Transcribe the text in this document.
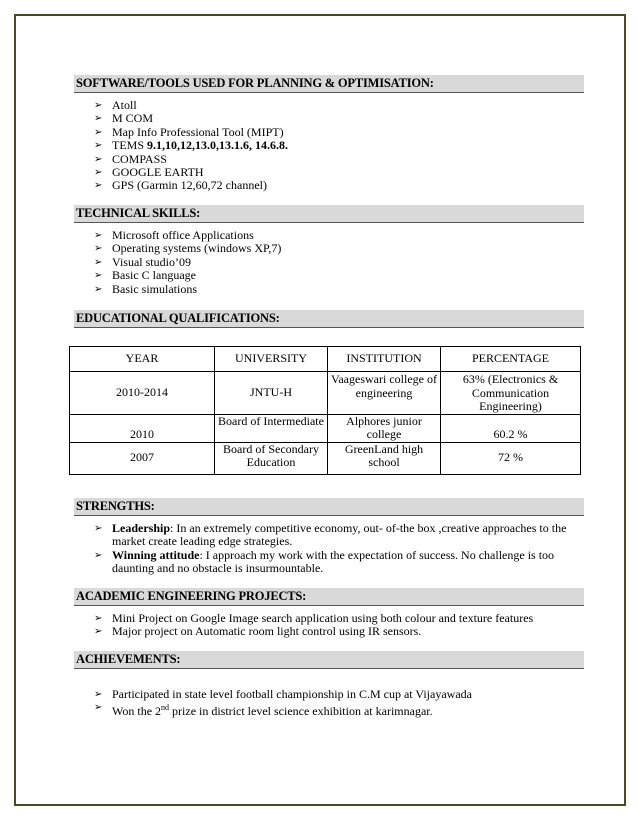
SOFTWARE/TOOLS USED FOR PLANNING & OPTIMISATION:
➢ Atoll
➢ M COM
➢ Map Info Professional Tool (MIPT)
➢ TEMS 9.1,10,12,13.0,13.1.6, 14.6.8.
➢ COMPASS
➢ GOOGLE EARTH
➢ GPS (Garmin 12,60,72 channel)
TECHNICAL SKILLS:
➢ Microsoft office Applications
➢ Operating systems (windows XP,7)
➢ Visual studio’09
➢ Basic C language
➢ Basic simulations
EDUCATIONAL QUALIFICATIONS:
YEAR	UNIVERSITY	INSTITUTION	PERCENTAGE
2010-2014	JNTU-H	Vaageswari college of engineering	63% (Electronics & Communication Engineering)
2010	Board of Intermediate	Alphores junior college	60.2 %
2007	Board of Secondary Education	GreenLand high school	72 %
STRENGTHS:
➢ Leadership: In an extremely competitive economy, out- of-the box ,creative approaches to the market create leading edge strategies.
➢ Winning attitude: I approach my work with the expectation of success. No challenge is too daunting and no obstacle is insurmountable.
ACADEMIC ENGINEERING PROJECTS:
➢ Mini Project on Google Image search application using both colour and texture features
➢ Major project on Automatic room light control using IR sensors.
ACHIEVEMENTS:
➢ Participated in state level football championship in C.M cup at Vijayawada
➢ Won the 2nd prize in district level science exhibition at karimnagar.
